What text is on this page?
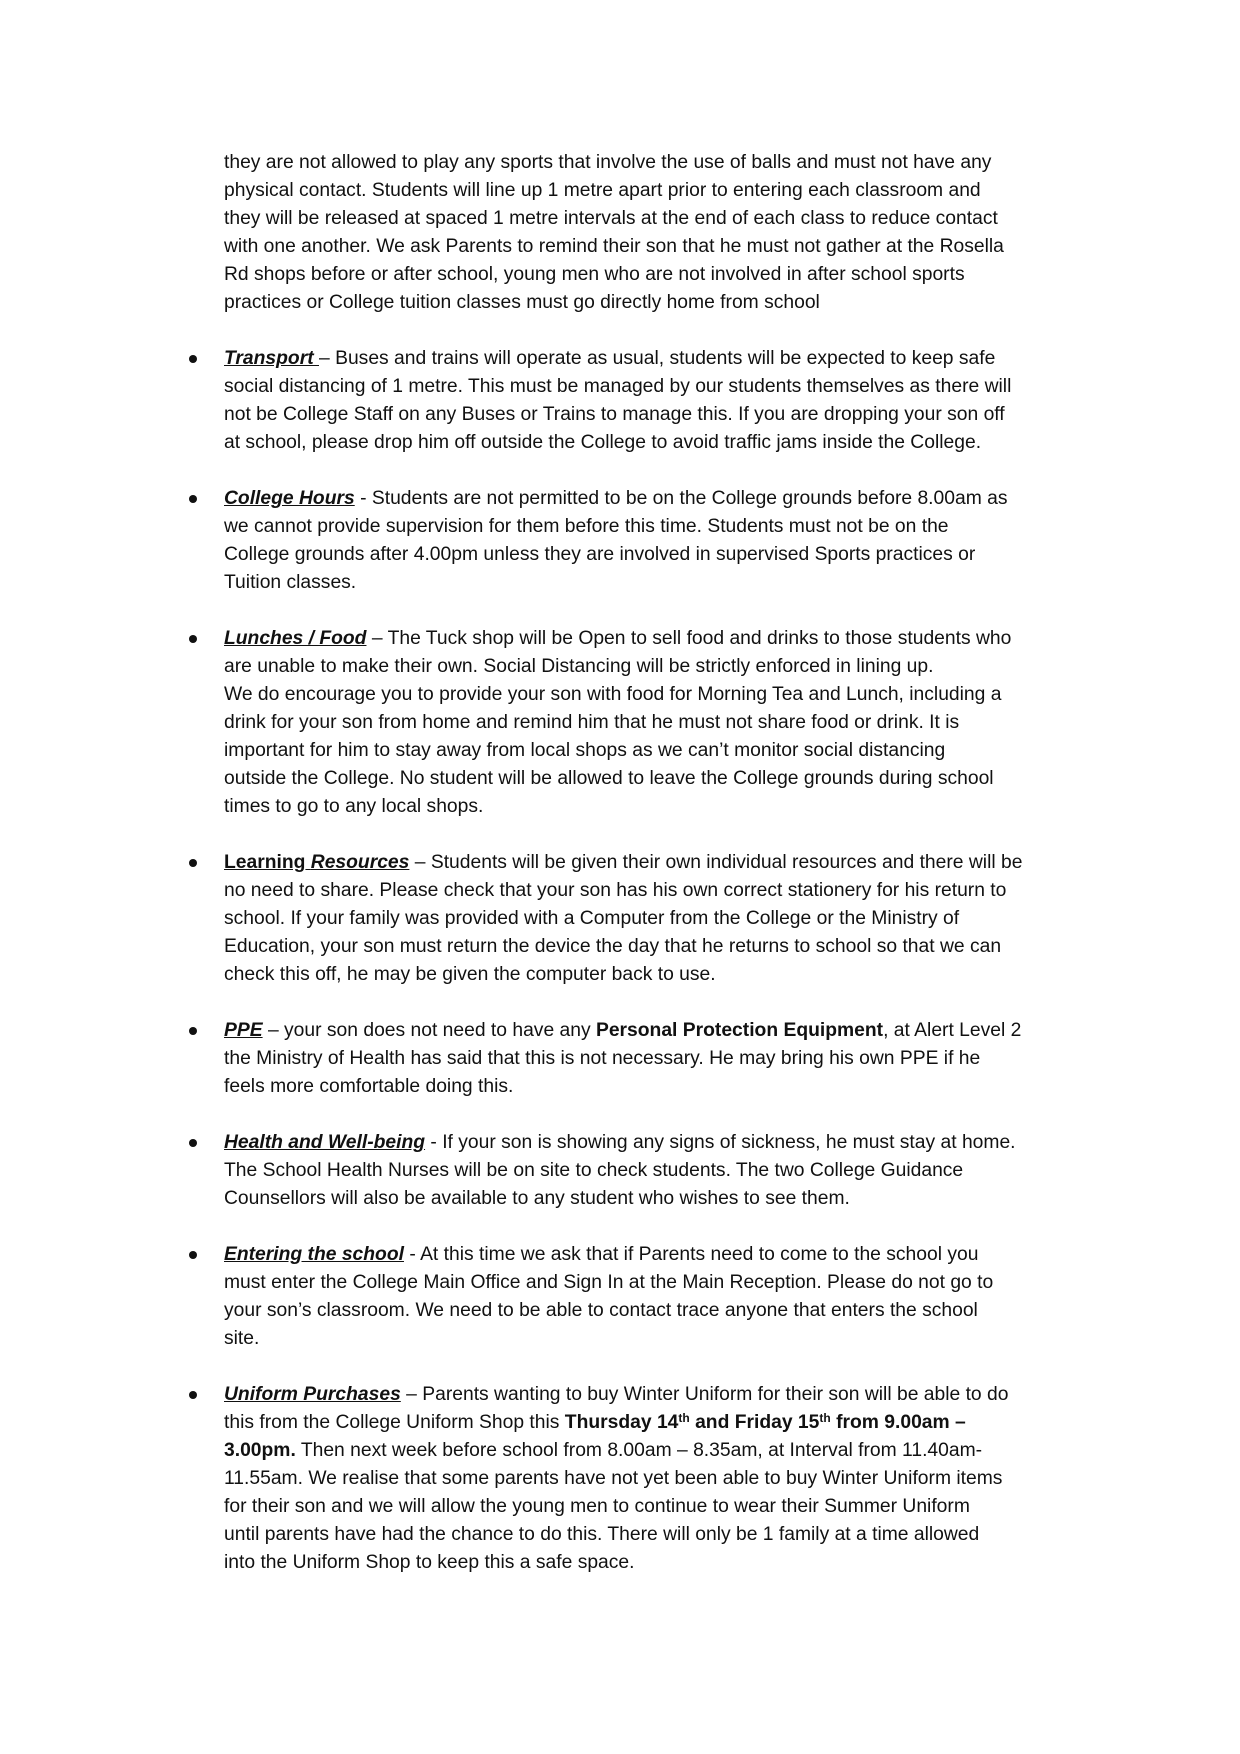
they are not allowed to play any sports that involve the use of balls and must not have any
physical contact. Students will line up 1 metre apart prior to entering each classroom and
they will be released at spaced 1 metre intervals at the end of each class to reduce contact
with one another. We ask Parents to remind their son that he must not gather at the Rosella
Rd shops before or after school, young men who are not involved in after school sports
practices or College tuition classes must go directly home from school
Transport – Buses and trains will operate as usual, students will be expected to keep safe
social distancing of 1 metre. This must be managed by our students themselves as there will
not be College Staff on any Buses or Trains to manage this. If you are dropping your son off
at school, please drop him off outside the College to avoid traffic jams inside the College.
College Hours - Students are not permitted to be on the College grounds before 8.00am as
we cannot provide supervision for them before this time. Students must not be on the
College grounds after 4.00pm unless they are involved in supervised Sports practices or
Tuition classes.
Lunches / Food – The Tuck shop will be Open to sell food and drinks to those students who
are unable to make their own. Social Distancing will be strictly enforced in lining up.
We do encourage you to provide your son with food for Morning Tea and Lunch, including a
drink for your son from home and remind him that he must not share food or drink. It is
important for him to stay away from local shops as we can’t monitor social distancing
outside the College. No student will be allowed to leave the College grounds during school
times to go to any local shops.
Learning Resources – Students will be given their own individual resources and there will be
no need to share. Please check that your son has his own correct stationery for his return to
school. If your family was provided with a Computer from the College or the Ministry of
Education, your son must return the device the day that he returns to school so that we can
check this off, he may be given the computer back to use.
PPE – your son does not need to have any Personal Protection Equipment, at Alert Level 2
the Ministry of Health has said that this is not necessary. He may bring his own PPE if he
feels more comfortable doing this.
Health and Well-being - If your son is showing any signs of sickness, he must stay at home.
The School Health Nurses will be on site to check students. The two College Guidance
Counsellors will also be available to any student who wishes to see them.
Entering the school - At this time we ask that if Parents need to come to the school you
must enter the College Main Office and Sign In at the Main Reception. Please do not go to
your son’s classroom. We need to be able to contact trace anyone that enters the school
site.
Uniform Purchases – Parents wanting to buy Winter Uniform for their son will be able to do
this from the College Uniform Shop this Thursday 14th and Friday 15th from 9.00am –
3.00pm. Then next week before school from 8.00am – 8.35am, at Interval from 11.40am-
11.55am. We realise that some parents have not yet been able to buy Winter Uniform items
for their son and we will allow the young men to continue to wear their Summer Uniform
until parents have had the chance to do this. There will only be 1 family at a time allowed
into the Uniform Shop to keep this a safe space.
